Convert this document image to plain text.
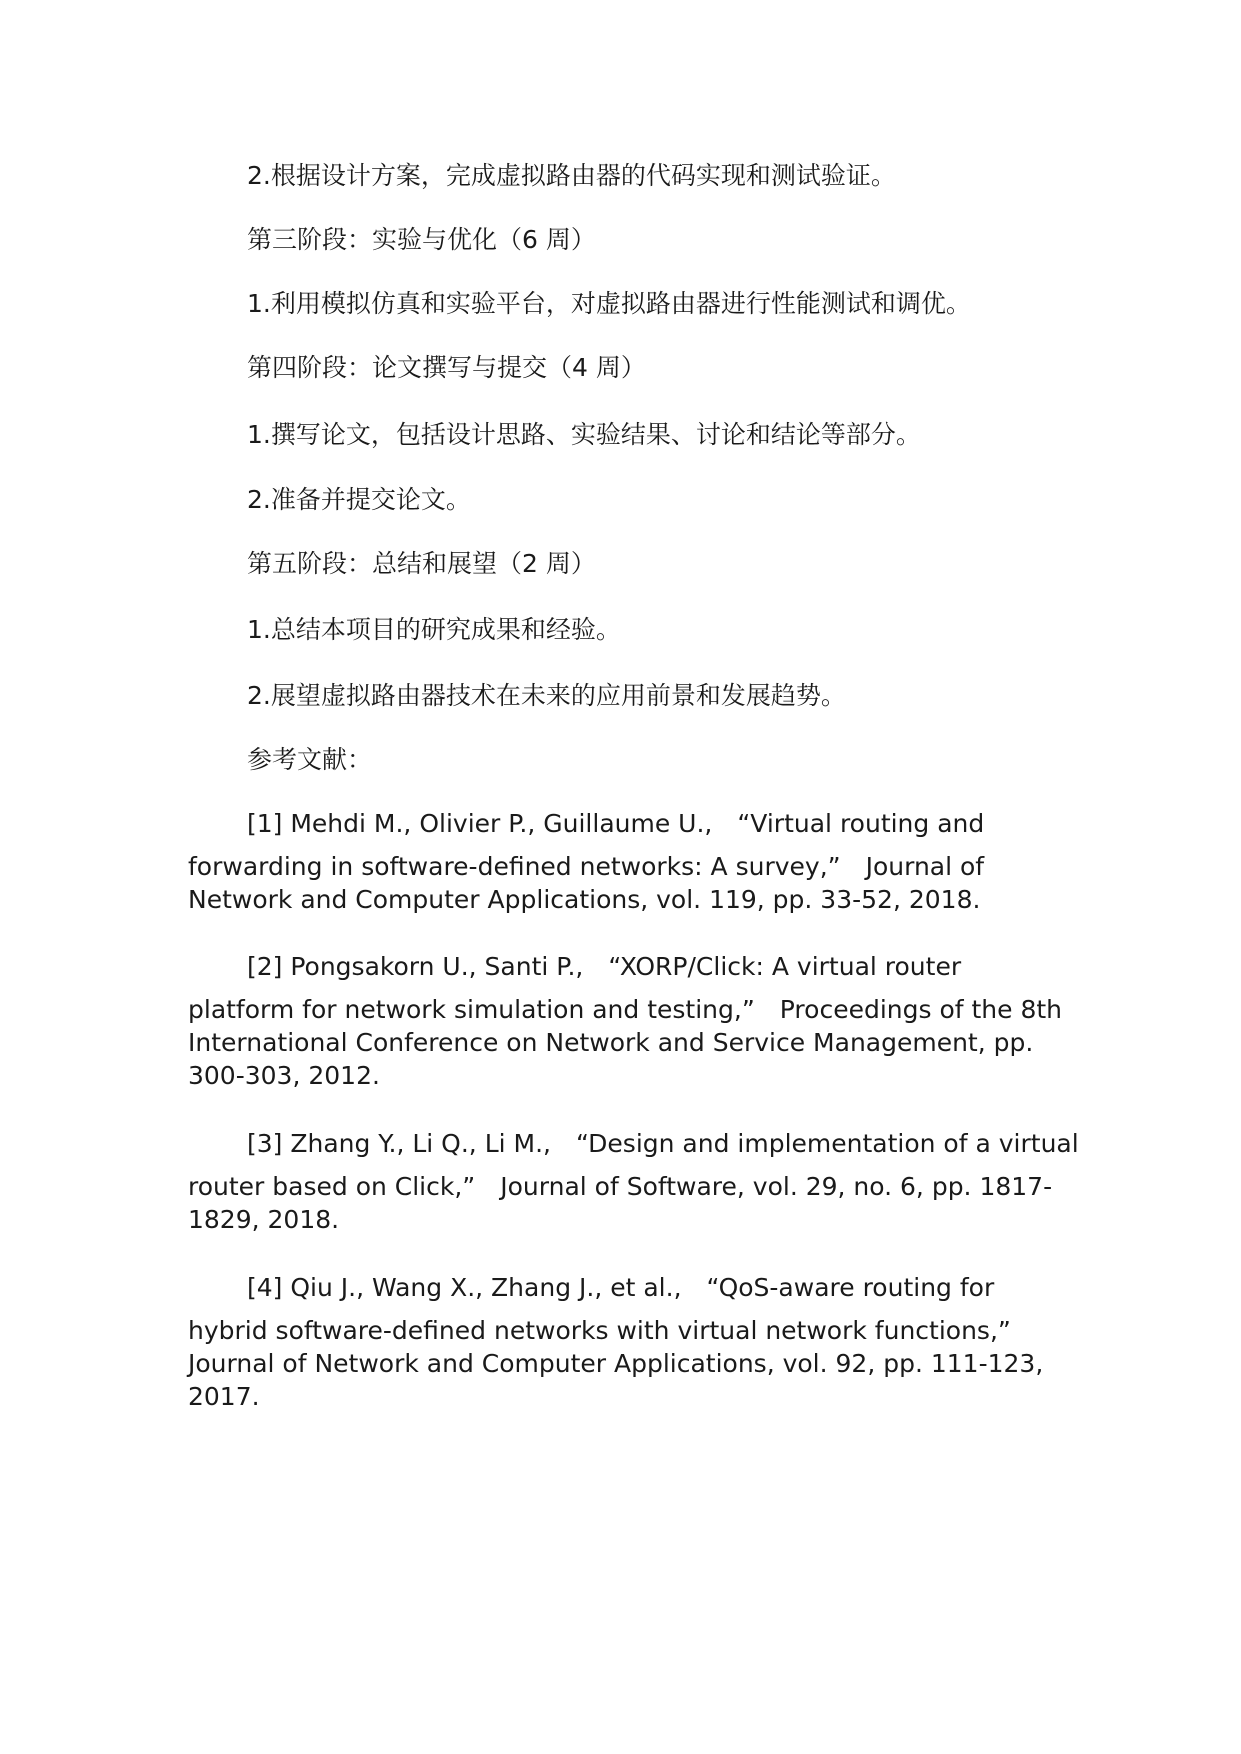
2.根据设计方案，完成虚拟路由器的代码实现和测试验证。
第三阶段：实验与优化（6 周）
1.利用模拟仿真和实验平台，对虚拟路由器进行性能测试和调优。
第四阶段：论文撰写与提交（4 周）
1.撰写论文，包括设计思路、实验结果、讨论和结论等部分。
2.准备并提交论文。
第五阶段：总结和展望（2 周）
1.总结本项目的研究成果和经验。
2.展望虚拟路由器技术在未来的应用前景和发展趋势。
参考文献：
[1] Mehdi M., Olivier P., Guillaume U.,　“Virtual routing and
forwarding in software-defined networks: A survey,”　Journal of
Network and Computer Applications, vol. 119, pp. 33-52, 2018.
[2] Pongsakorn U., Santi P.,　“XORP/Click: A virtual router
platform for network simulation and testing,”　Proceedings of the 8th
International Conference on Network and Service Management, pp.
300-303, 2012.
[3] Zhang Y., Li Q., Li M.,　“Design and implementation of a virtual
router based on Click,”　Journal of Software, vol. 29, no. 6, pp. 1817-
1829, 2018.
[4] Qiu J., Wang X., Zhang J., et al.,　“QoS-aware routing for
hybrid software-defined networks with virtual network functions,”
Journal of Network and Computer Applications, vol. 92, pp. 111-123,
2017.
